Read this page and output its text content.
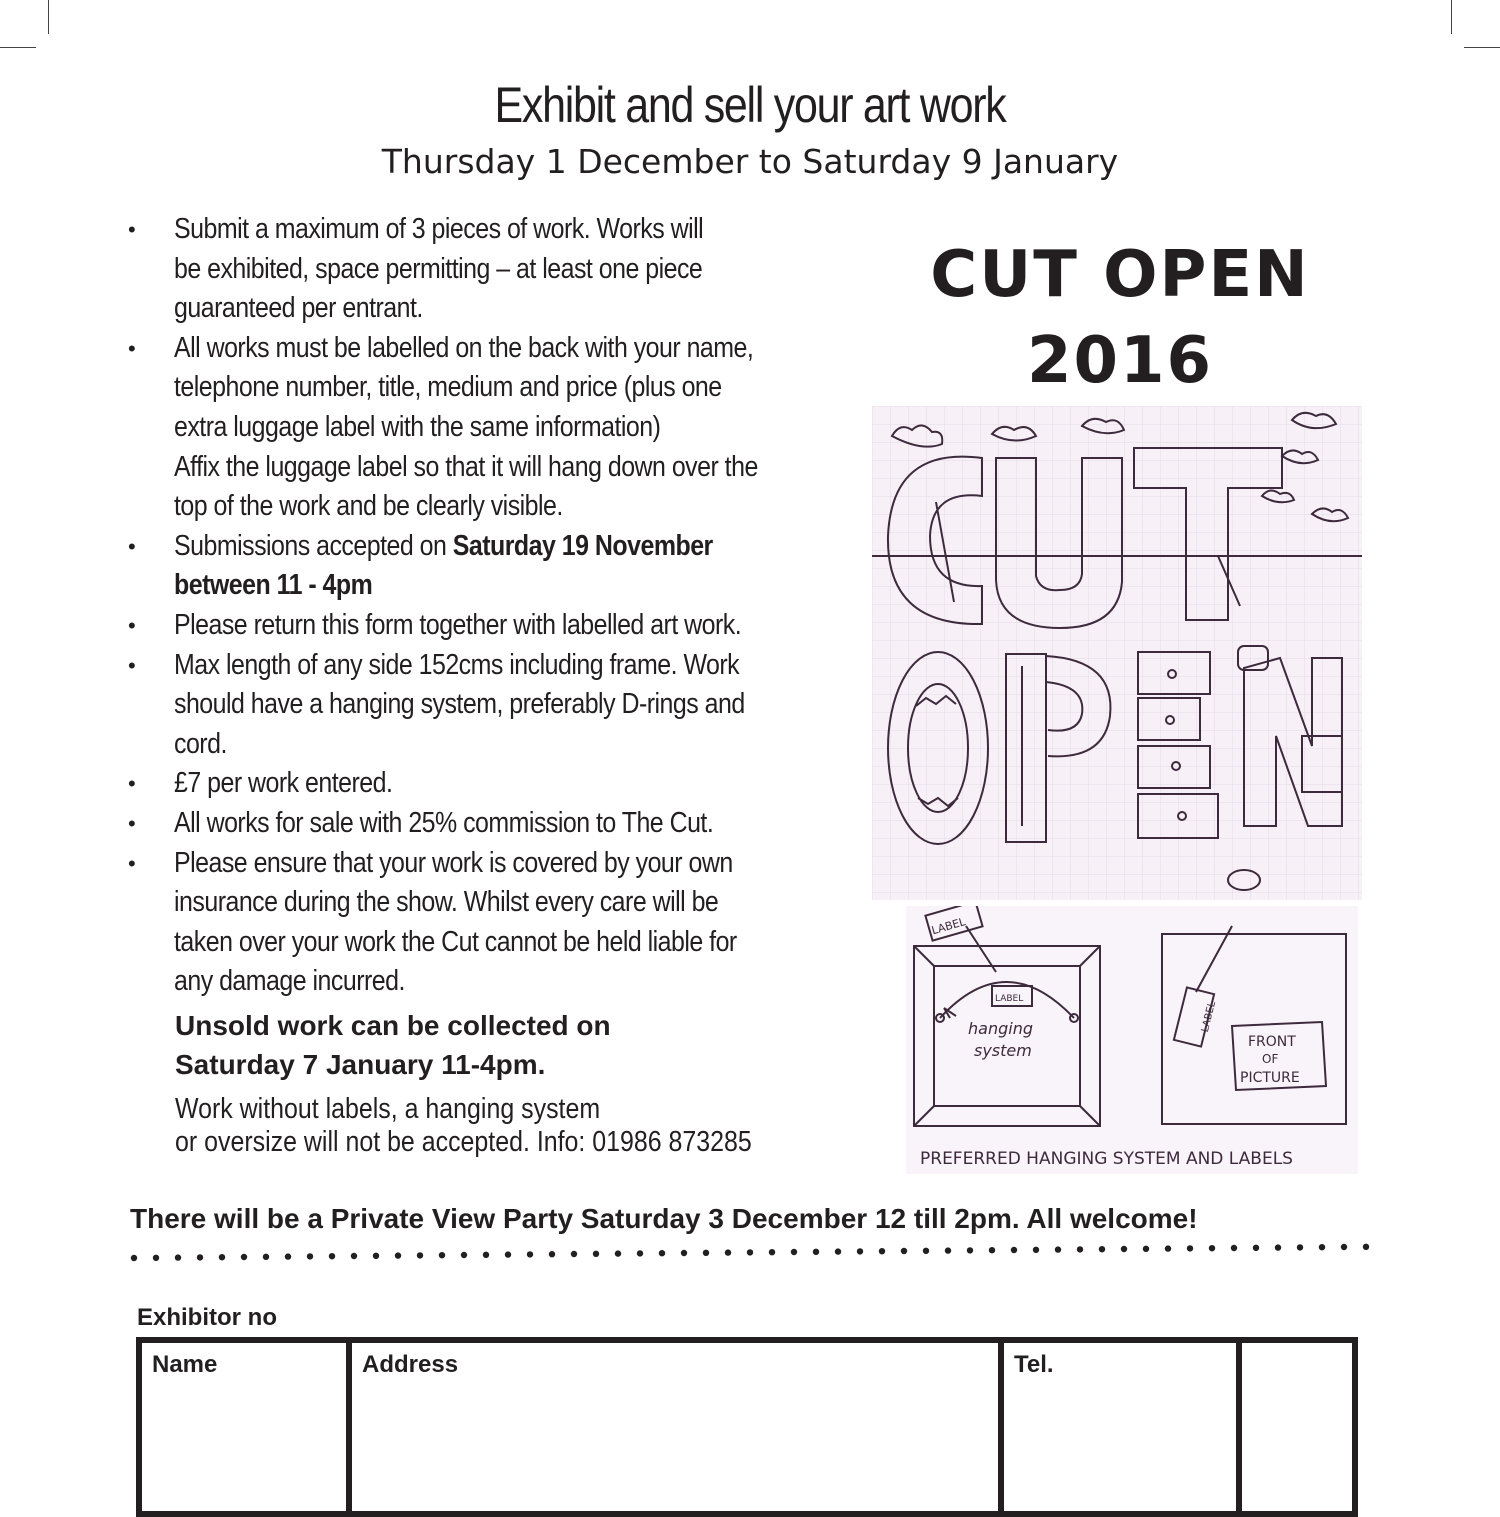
Exhibit and sell your art work
Thursday 1 December to Saturday 9 January
• Submit a maximum of 3 pieces of work. Works will
be exhibited, space permitting – at least one piece
guaranteed per entrant.
• All works must be labelled on the back with your name,
telephone number, title, medium and price (plus one
extra luggage label with the same information)
Affix the luggage label so that it will hang down over the
top of the work and be clearly visible.
• Submissions accepted on Saturday 19 November
between 11 - 4pm
• Please return this form together with labelled art work.
• Max length of any side 152cms including frame. Work
should have a hanging system, preferably D-rings and
cord.
• £7 per work entered.
• All works for sale with 25% commission to The Cut.
• Please ensure that your work is covered by your own
insurance during the show. Whilst every care will be
taken over your work the Cut cannot be held liable for
any damage incurred.
Unsold work can be collected on
Saturday 7 January 11-4pm.
Work without labels, a hanging system
or oversize will not be accepted. Info: 01986 873285
CUT OPEN
2016
LABEL
LABEL
LABEL
hanging
system	FRONT
OF
PICTURE
PREFERRED HANGING SYSTEM AND LABELS
There will be a Private View Party Saturday 3 December 12 till 2pm. All welcome!
Exhibitor no
Name	Address	Tel.	
